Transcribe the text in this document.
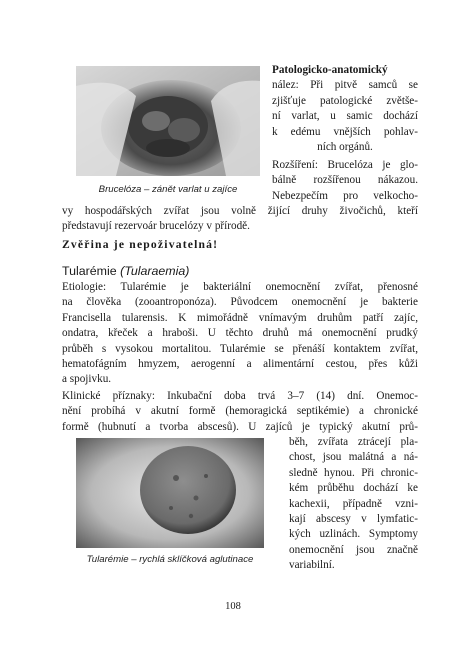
Brucelóza – zánět varlat u zajíce
Patologicko-anatomický
nález: Při pitvě samců se
zjišťuje patologické zvětše-
ní varlat, u samic dochází
k edému vnějších pohlav-
ních orgánů.
Rozšíření: Brucelóza je glo-
bálně rozšířenou nákazou.
Nebezpečím pro velkocho-
vy hospodářských zvířat jsou volně žijící druhy živočichů, kteří
představují rezervoár brucelózy v přírodě.

Zvěřina je nepoživatelná!

Tularémie (Tularaemia)

Etiologie: Tularémie je bakteriální onemocnění zvířat, přenosné
na člověka (zooantroponóza). Původcem onemocnění je bakterie
Francisella tularensis. K mimořádně vnímavým druhům patří zajíc,
ondatra, křeček a hraboši. U těchto druhů má onemocnění prudký
průběh s vysokou mortalitou. Tularémie se přenáší kontaktem zvířat,
hematofágním hmyzem, aerogenní a alimentární cestou, přes kůži
a spojivku.
Klinické příznaky: Inkubační doba trvá 3–7 (14) dní. Onemoc-
nění probíhá v akutní formě (hemoragická septikémie) a chronické
formě (hubnutí a tvorba abscesů). U zajíců je typický akutní prů-
Tularémie – rychlá sklíčková aglutinace
běh, zvířata ztrácejí pla-
chost, jsou malátná a ná-
sledně hynou. Při chronic-
kém průběhu dochází ke
kachexii, případně vzni-
kají abscesy v lymfatic-
kých uzlinách. Symptomy
onemocnění jsou značně
variabilní.
108
